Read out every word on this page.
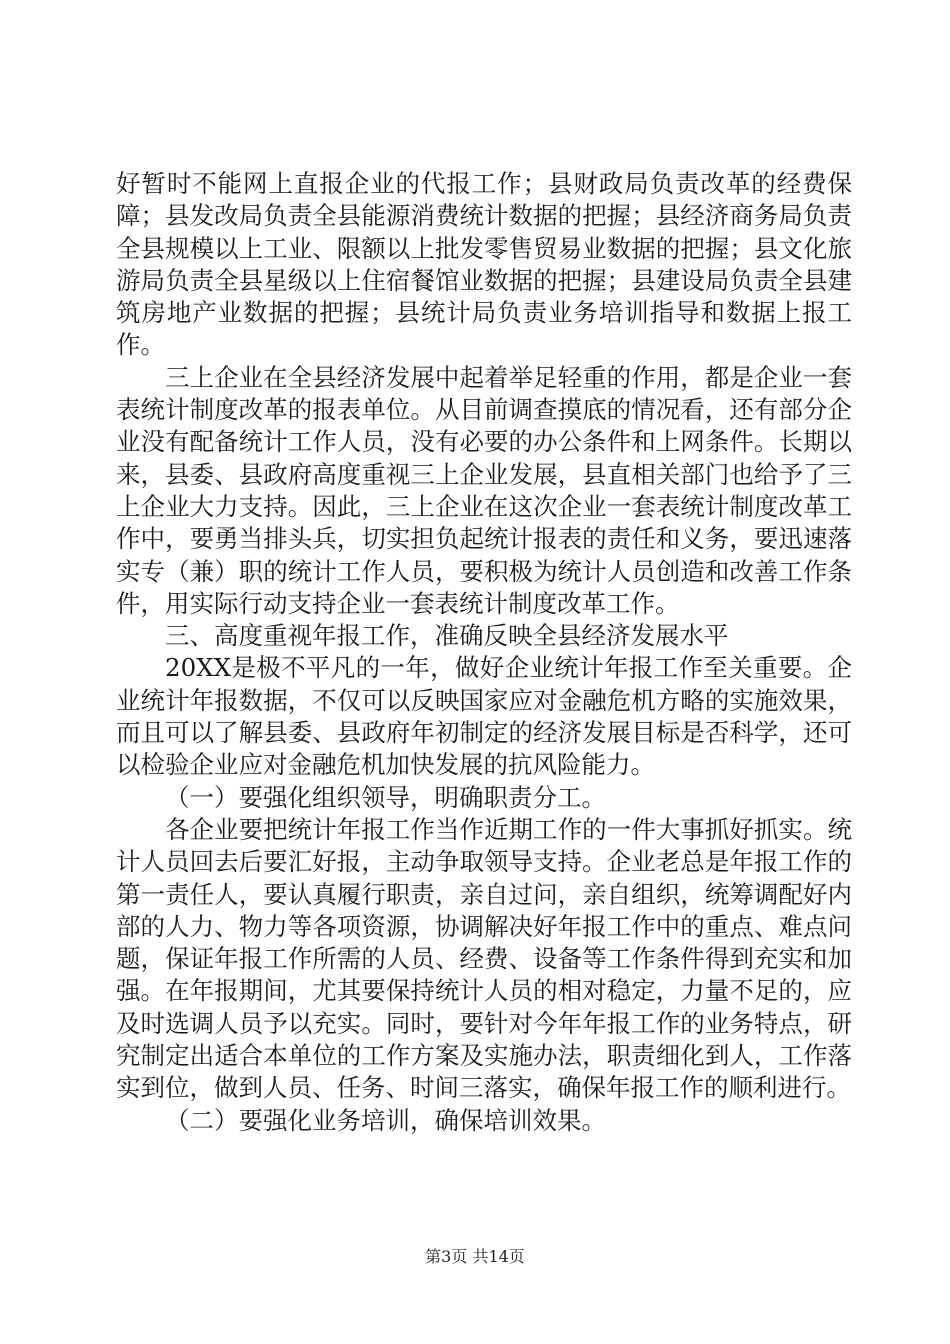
好暂时不能网上直报企业的代报工作；县财政局负责改革的经费保障；县发改局负责全县能源消费统计数据的把握；县经济商务局负责全县规模以上工业、限额以上批发零售贸易业数据的把握；县文化旅游局负责全县星级以上住宿餐馆业数据的把握；县建设局负责全县建筑房地产业数据的把握；县统计局负责业务培训指导和数据上报工作。

三上企业在全县经济发展中起着举足轻重的作用，都是企业一套表统计制度改革的报表单位。从目前调查摸底的情况看，还有部分企业没有配备统计工作人员，没有必要的办公条件和上网条件。长期以来，县委、县政府高度重视三上企业发展，县直相关部门也给予了三上企业大力支持。因此，三上企业在这次企业一套表统计制度改革工作中，要勇当排头兵，切实担负起统计报表的责任和义务，要迅速落实专（兼）职的统计工作人员，要积极为统计人员创造和改善工作条件，用实际行动支持企业一套表统计制度改革工作。

三、高度重视年报工作，准确反映全县经济发展水平

20XX是极不平凡的一年，做好企业统计年报工作至关重要。企业统计年报数据，不仅可以反映国家应对金融危机方略的实施效果，而且可以了解县委、县政府年初制定的经济发展目标是否科学，还可以检验企业应对金融危机加快发展的抗风险能力。

（一）要强化组织领导，明确职责分工。

各企业要把统计年报工作当作近期工作的一件大事抓好抓实。统计人员回去后要汇好报，主动争取领导支持。企业老总是年报工作的第一责任人，要认真履行职责，亲自过问，亲自组织，统筹调配好内部的人力、物力等各项资源，协调解决好年报工作中的重点、难点问题，保证年报工作所需的人员、经费、设备等工作条件得到充实和加强。在年报期间，尤其要保持统计人员的相对稳定，力量不足的，应及时选调人员予以充实。同时，要针对今年年报工作的业务特点，研究制定出适合本单位的工作方案及实施办法，职责细化到人，工作落实到位，做到人员、任务、时间三落实，确保年报工作的顺利进行。

（二）要强化业务培训，确保培训效果。

第3页 共14页
